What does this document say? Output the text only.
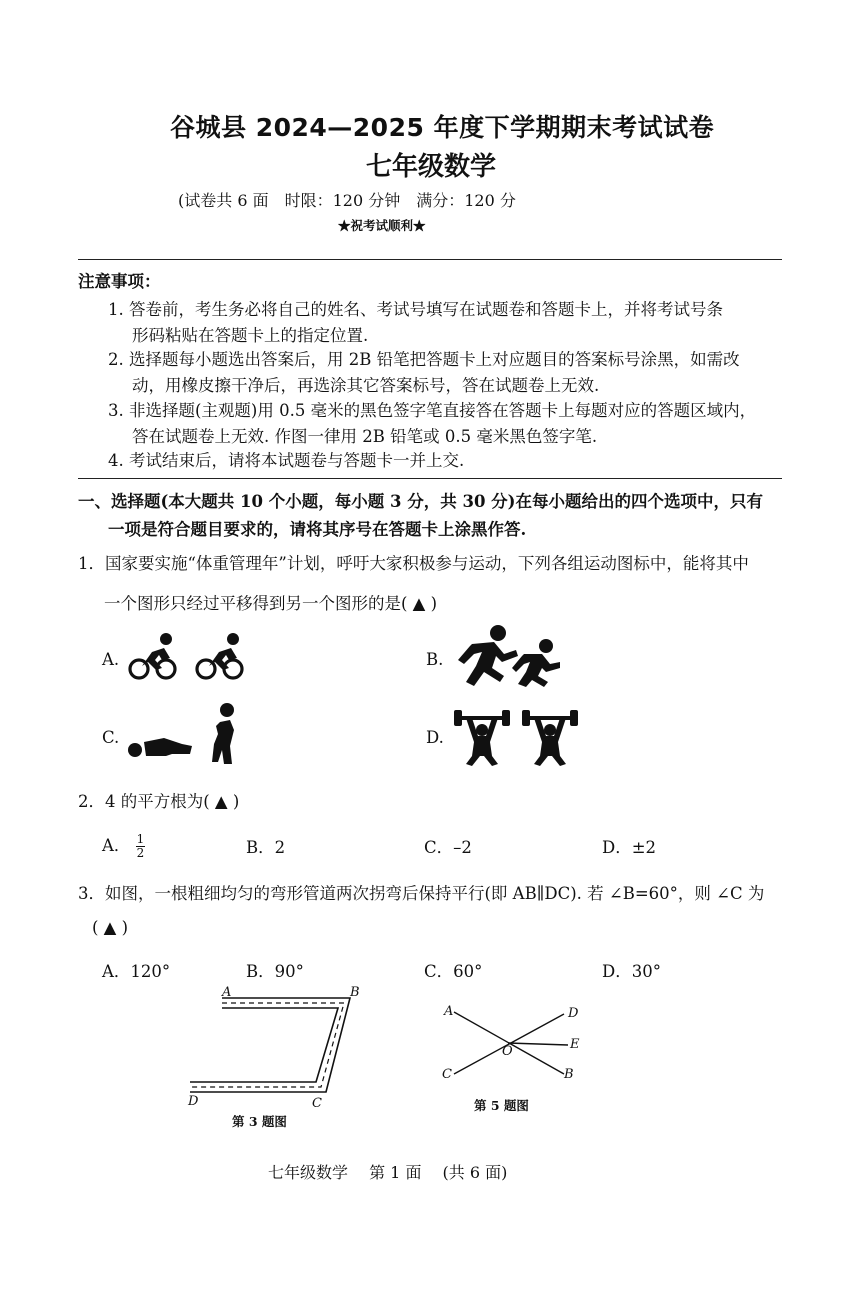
谷城县 2024—2025 年度下学期期末考试试卷
七年级数学
(试卷共 6 面　时限：120 分钟　满分：120 分
★祝考试顺利★
注意事项：
1. 答卷前，考生务必将自己的姓名、考试号填写在试题卷和答题卡上，并将考试号条
形码粘贴在答题卡上的指定位置.
2. 选择题每小题选出答案后，用 2B 铅笔把答题卡上对应题目的答案标号涂黑，如需改
动，用橡皮擦干净后，再选涂其它答案标号，答在试题卷上无效.
3. 非选择题(主观题)用 0.5 毫米的黑色签字笔直接答在答题卡上每题对应的答题区域内，
答在试题卷上无效. 作图一律用 2B 铅笔或 0.5 毫米黑色签字笔.
4. 考试结束后，请将本试题卷与答题卡一并上交.
一、选择题(本大题共 10 个小题，每小题 3 分，共 30 分)在每小题给出的四个选项中，只有
一项是符合题目要求的，请将其序号在答题卡上涂黑作答.
1．国家要实施“体重管理年”计划，呼吁大家积极参与运动，下列各组运动图标中，能将其中
一个图形只经过平移得到另一个图形的是( ▲ )
A.	B.
C.	D.
2．4 的平方根为( ▲ )
A． $\frac{1}{2}$	B．2	C．–2	D．±2
3．如图，一根粗细均匀的弯形管道两次拐弯后保持平行(即 AB∥DC). 若 ∠B=60°，则 ∠C 为
( ▲ )
A．120°	B．90°	C．60°	D．30°
A	B
C
D
第 3 题图
A	D
E
O
C	B
第 5 题图
七年级数学　 第 1 面　 (共 6 面)
